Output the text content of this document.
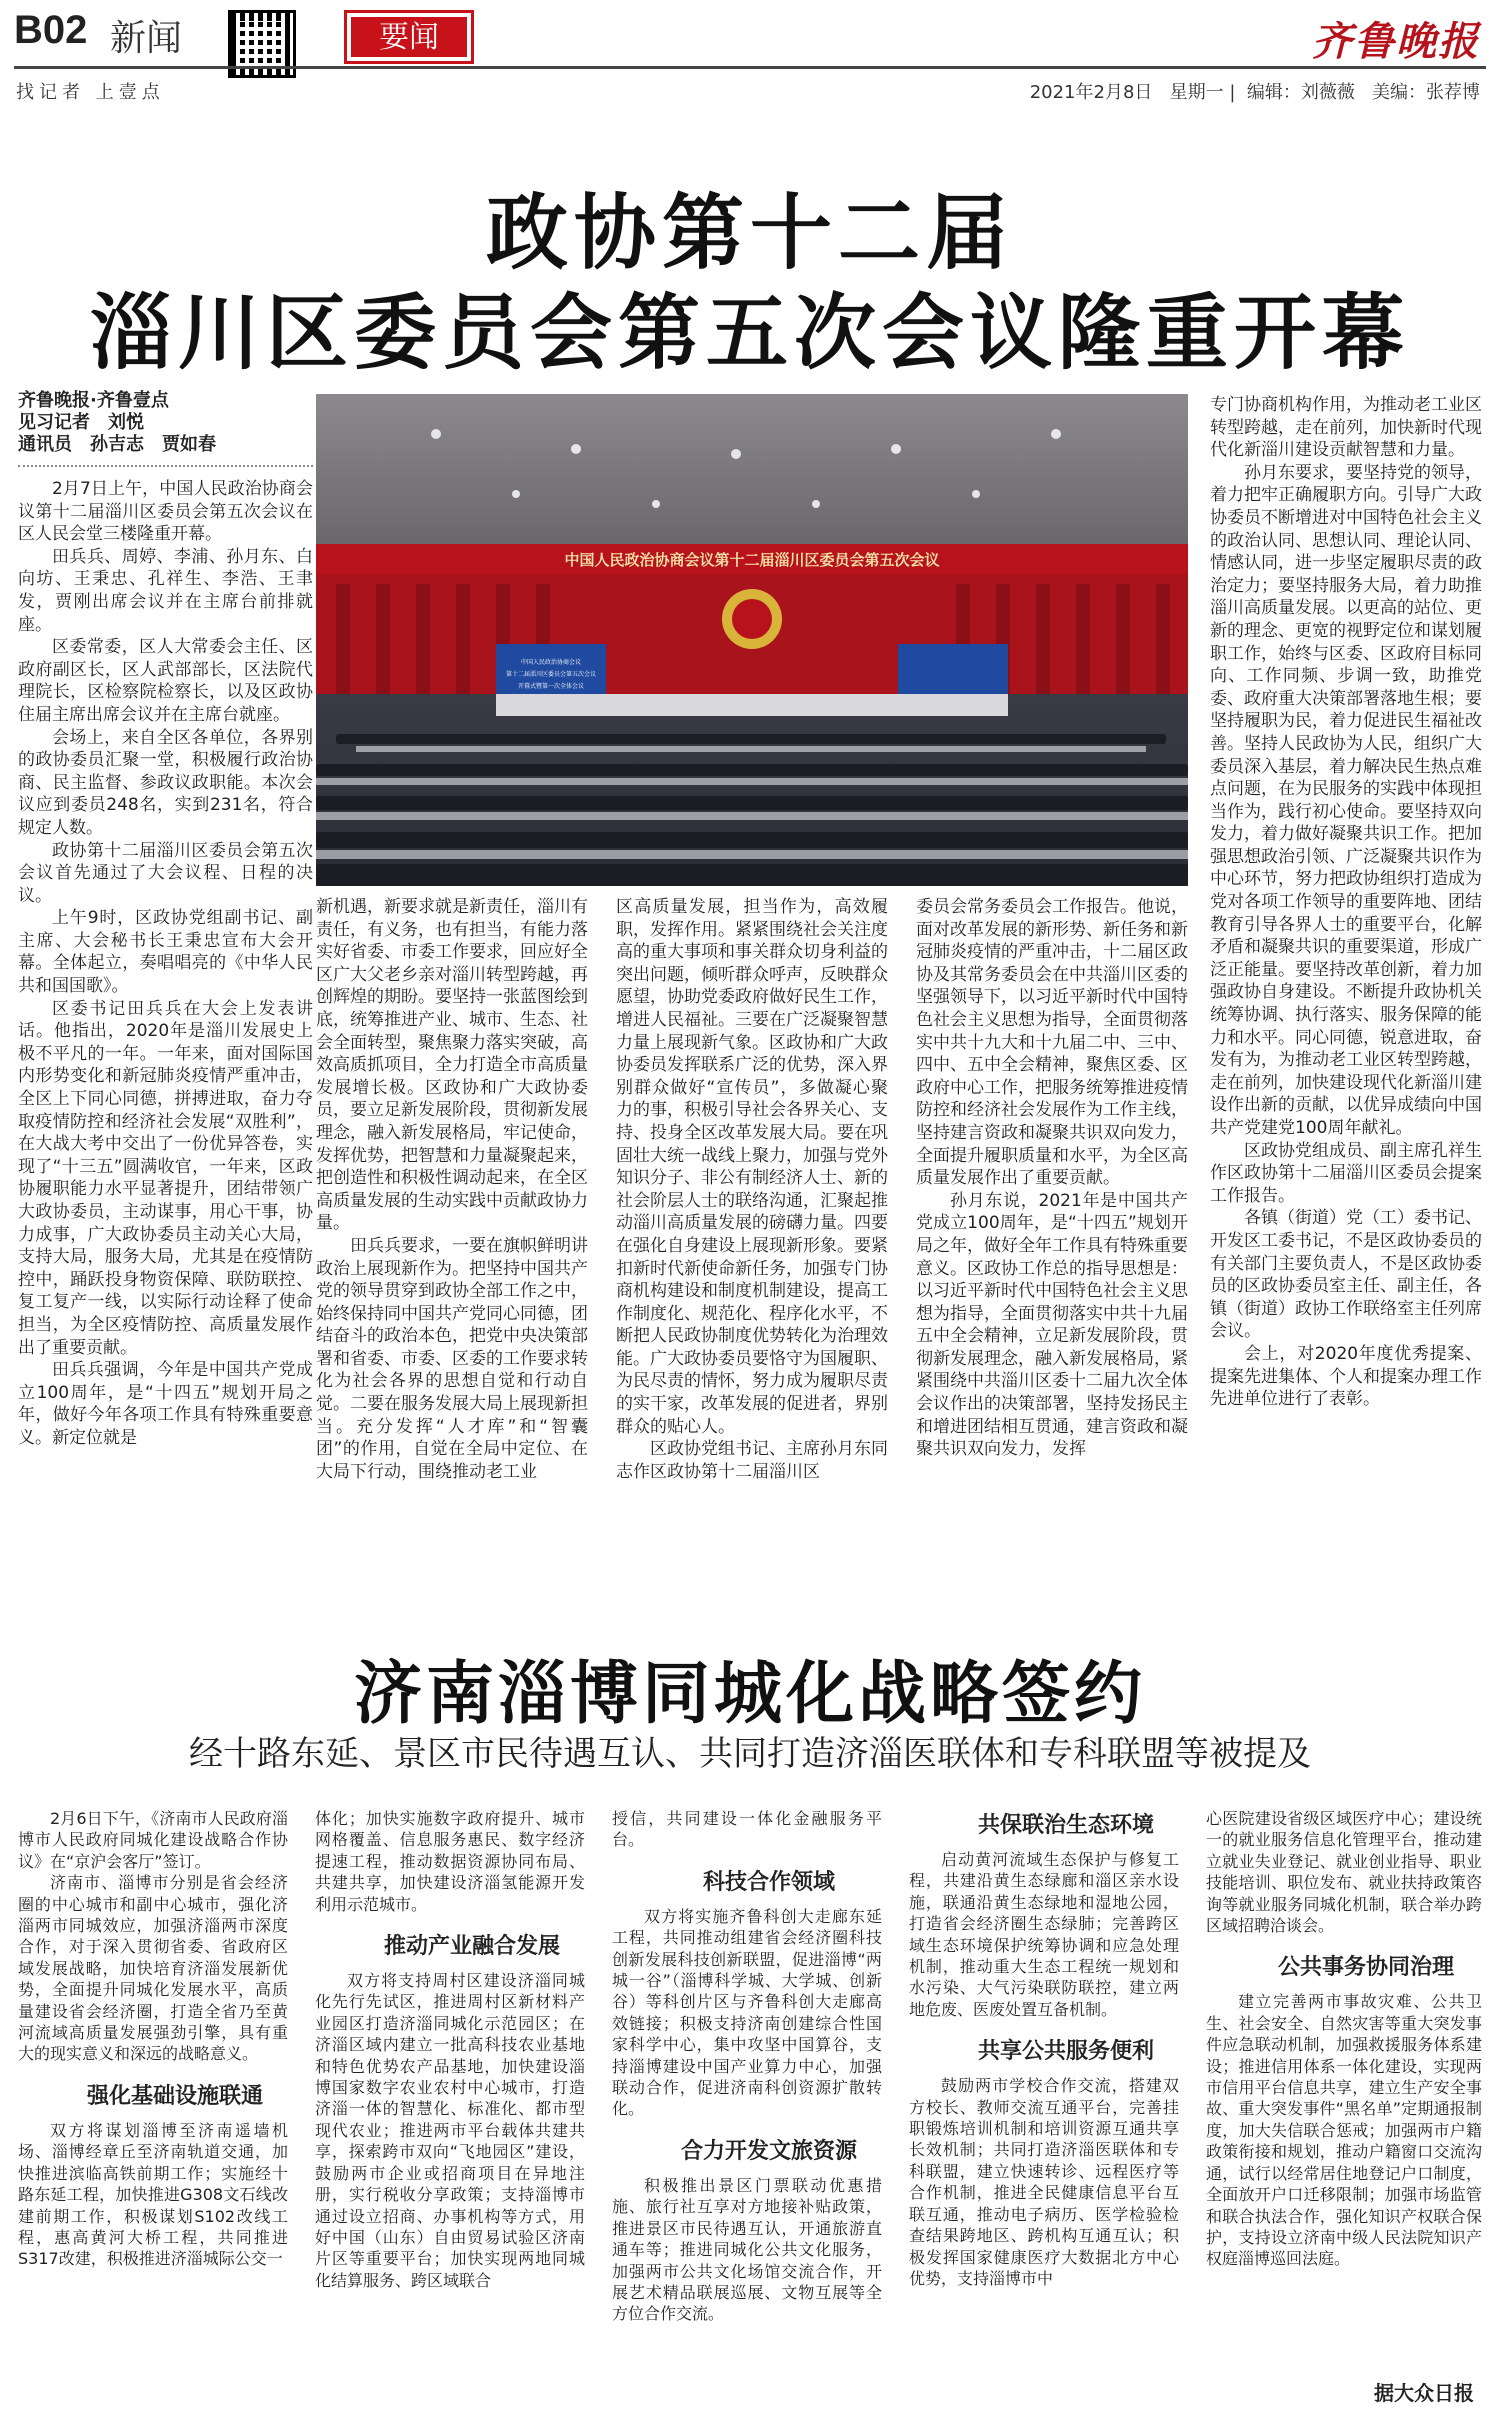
B02 新闻	要闻	齐鲁晚报
找记者 上壹点	2021年2月8日 星期一 |  编辑：刘薇薇 美编：张荐博
政协第十二届
淄川区委员会第五次会议隆重开幕
齐鲁晚报·齐鲁壹点
见习记者　刘悦
通讯员　孙吉志　贾如春
中国人民政治协商会议第十二届淄川区委员会第五次会议
中国人民政治协商会议
第十二届淄川区委员会第五次会议
开幕式暨第一次全体会议

2月7日上午，中国人民政治协商会议第十二届淄川区委员会第五次会议在区人民会堂三楼隆重开幕。

田兵兵、周婷、李浦、孙月东、白向坊、王秉忠、孔祥生、李浩、王聿发，贾刚出席会议并在主席台前排就座。

区委常委，区人大常委会主任、区政府副区长，区人武部部长，区法院代理院长，区检察院检察长，以及区政协住届主席出席会议并在主席台就座。

会场上，来自全区各单位，各界别的政协委员汇聚一堂，积极履行政治协商、民主监督、参政议政职能。本次会议应到委员248名，实到231名，符合规定人数。

政协第十二届淄川区委员会第五次会议首先通过了大会议程、日程的决议。

上午9时，区政协党组副书记、副主席、大会秘书长王秉忠宣布大会开幕。全体起立，奏唱唱亮的《中华人民共和国国歌》。

区委书记田兵兵在大会上发表讲话。他指出，2020年是淄川发展史上极不平凡的一年。一年来，面对国际国内形势变化和新冠肺炎疫情严重冲击，全区上下同心同德，拼搏进取，奋力夺取疫情防控和经济社会发展“双胜利”，在大战大考中交出了一份优异答卷，实现了“十三五”圆满收官，一年来，区政协履职能力水平显著提升，团结带领广大政协委员，主动谋事，用心干事，协力成事，广大政协委员主动关心大局，支持大局，服务大局，尤其是在疫情防控中，踊跃投身物资保障、联防联控、复工复产一线，以实际行动诠释了使命担当，为全区疫情防控、高质量发展作出了重要贡献。

田兵兵强调，今年是中国共产党成立100周年，是“十四五”规划开局之年，做好今年各项工作具有特殊重要意义。新定位就是

新机遇，新要求就是新责任，淄川有责任，有义务，也有担当，有能力落实好省委、市委工作要求，回应好全区广大父老乡亲对淄川转型跨越，再创辉煌的期盼。要坚持一张蓝图绘到底，统筹推进产业、城市、生态、社会全面转型，聚焦聚力落实突破，高效高质抓项目，全力打造全市高质量发展增长极。区政协和广大政协委员，要立足新发展阶段，贯彻新发展理念，融入新发展格局，牢记使命，发挥优势，把智慧和力量凝聚起来，把创造性和积极性调动起来，在全区高质量发展的生动实践中贡献政协力量。

田兵兵要求，一要在旗帜鲜明讲政治上展现新作为。把坚持中国共产党的领导贯穿到政协全部工作之中，始终保持同中国共产党同心同德，团结奋斗的政治本色，把党中央决策部署和省委、市委、区委的工作要求转化为社会各界的思想自觉和行动自觉。二要在服务发展大局上展现新担当。充分发挥“人才库”和“智囊团”的作用，自觉在全局中定位、在大局下行动，围绕推动老工业

区高质量发展，担当作为，高效履职，发挥作用。紧紧围绕社会关注度高的重大事项和事关群众切身利益的突出问题，倾听群众呼声，反映群众愿望，协助党委政府做好民生工作，增进人民福祉。三要在广泛凝聚智慧力量上展现新气象。区政协和广大政协委员发挥联系广泛的优势，深入界别群众做好“宣传员”，多做凝心聚力的事，积极引导社会各界关心、支持、投身全区改革发展大局。要在巩固壮大统一战线上聚力，加强与党外知识分子、非公有制经济人士、新的社会阶层人士的联络沟通，汇聚起推动淄川高质量发展的磅礴力量。四要在强化自身建设上展现新形象。要紧扣新时代新使命新任务，加强专门协商机构建设和制度机制建设，提高工作制度化、规范化、程序化水平，不断把人民政协制度优势转化为治理效能。广大政协委员要恪守为国履职、为民尽责的情怀，努力成为履职尽责的实干家，改革发展的促进者，界别群众的贴心人。

区政协党组书记、主席孙月东同志作区政协第十二届淄川区

委员会常务委员会工作报告。他说，面对改革发展的新形势、新任务和新冠肺炎疫情的严重冲击，十二届区政协及其常务委员会在中共淄川区委的坚强领导下，以习近平新时代中国特色社会主义思想为指导，全面贯彻落实中共十九大和十九届二中、三中、四中、五中全会精神，聚焦区委、区政府中心工作，把服务统筹推进疫情防控和经济社会发展作为工作主线，坚持建言资政和凝聚共识双向发力，全面提升履职质量和水平，为全区高质量发展作出了重要贡献。

孙月东说，2021年是中国共产党成立100周年，是“十四五”规划开局之年，做好全年工作具有特殊重要意义。区政协工作总的指导思想是：以习近平新时代中国特色社会主义思想为指导，全面贯彻落实中共十九届五中全会精神，立足新发展阶段，贯彻新发展理念，融入新发展格局，紧紧围绕中共淄川区委十二届九次全体会议作出的决策部署，坚持发扬民主和增进团结相互贯通，建言资政和凝聚共识双向发力，发挥

专门协商机构作用，为推动老工业区转型跨越，走在前列，加快新时代现代化新淄川建设贡献智慧和力量。

孙月东要求，要坚持党的领导，着力把牢正确履职方向。引导广大政协委员不断增进对中国特色社会主义的政治认同、思想认同、理论认同、情感认同，进一步坚定履职尽责的政治定力；要坚持服务大局，着力助推淄川高质量发展。以更高的站位、更新的理念、更宽的视野定位和谋划履职工作，始终与区委、区政府目标同向、工作同频、步调一致，助推党委、政府重大决策部署落地生根；要坚持履职为民，着力促进民生福祉改善。坚持人民政协为人民，组织广大委员深入基层，着力解决民生热点难点问题，在为民服务的实践中体现担当作为，践行初心使命。要坚持双向发力，着力做好凝聚共识工作。把加强思想政治引领、广泛凝聚共识作为中心环节，努力把政协组织打造成为党对各项工作领导的重要阵地、团结教育引导各界人士的重要平台，化解矛盾和凝聚共识的重要渠道，形成广泛正能量。要坚持改革创新，着力加强政协自身建设。不断提升政协机关统筹协调、执行落实、服务保障的能力和水平。同心同德，锐意进取，奋发有为，为推动老工业区转型跨越，走在前列，加快建设现代化新淄川建设作出新的贡献，以优异成绩向中国共产党建党100周年献礼。

区政协党组成员、副主席孔祥生作区政协第十二届淄川区委员会提案工作报告。

各镇（街道）党（工）委书记、开发区工委书记，不是区政协委员的有关部门主要负责人，不是区政协委员的区政协委员室主任、副主任，各镇（街道）政协工作联络室主任列席会议。

会上，对2020年度优秀提案、提案先进集体、个人和提案办理工作先进单位进行了表彰。

济南淄博同城化战略签约
经十路东延、景区市民待遇互认、共同打造济淄医联体和专科联盟等被提及

2月6日下午，《济南市人民政府淄博市人民政府同城化建设战略合作协议》在“京沪会客厅”签订。

济南市、淄博市分别是省会经济圈的中心城市和副中心城市，强化济淄两市同城效应，加强济淄两市深度合作，对于深入贯彻省委、省政府区域发展战略，加快培育济淄发展新优势，全面提升同城化发展水平，高质量建设省会经济圈，打造全省乃至黄河流域高质量发展强劲引擎，具有重大的现实意义和深远的战略意义。

强化基础设施联通

双方将谋划淄博至济南遥墙机场、淄博经章丘至济南轨道交通，加快推进滨临高铁前期工作；实施经十路东延工程，加快推进G308文石线改建前期工作，积极谋划S102改线工程，惠高黄河大桥工程，共同推进S317改建，积极推进济淄城际公交一

体化；加快实施数字政府提升、城市网格覆盖、信息服务惠民、数字经济提速工程，推动数据资源协同布局、共建共享，加快建设济淄氢能源开发利用示范城市。

推动产业融合发展

双方将支持周村区建设济淄同城化先行先试区，推进周村区新材料产业园区打造济淄同城化示范园区；在济淄区域内建立一批高科技农业基地和特色优势农产品基地，加快建设淄博国家数字农业农村中心城市，打造济淄一体的智慧化、标准化、都市型现代农业；推进两市平台载体共建共享，探索跨市双向“飞地园区”建设，鼓励两市企业或招商项目在异地注册，实行税收分享政策；支持淄博市通过设立招商、办事机构等方式，用好中国（山东）自由贸易试验区济南片区等重要平台；加快实现两地同城化结算服务、跨区域联合

授信，共同建设一体化金融服务平台。

科技合作领域

双方将实施齐鲁科创大走廊东延工程，共同推动组建省会经济圈科技创新发展科技创新联盟，促进淄博“两城一谷”（淄博科学城、大学城、创新谷）等科创片区与齐鲁科创大走廊高效链接；积极支持济南创建综合性国家科学中心，集中攻坚中国算谷，支持淄博建设中国产业算力中心，加强联动合作，促进济南科创资源扩散转化。

合力开发文旅资源

积极推出景区门票联动优惠措施、旅行社互享对方地接补贴政策，推进景区市民待遇互认，开通旅游直通车等；推进同城化公共文化服务，加强两市公共文化场馆交流合作，开展艺术精品联展巡展、文物互展等全方位合作交流。

共保联治生态环境

启动黄河流域生态保护与修复工程，共建沿黄生态绿廊和淄区亲水设施，联通沿黄生态绿地和湿地公园，打造省会经济圈生态绿肺；完善跨区域生态环境保护统筹协调和应急处理机制，推动重大生态工程统一规划和水污染、大气污染联防联控，建立两地危废、医废处置互备机制。

共享公共服务便利

鼓励两市学校合作交流，搭建双方校长、教师交流互通平台，完善挂职锻炼培训机制和培训资源互通共享长效机制；共同打造济淄医联体和专科联盟，建立快速转诊、远程医疗等合作机制，推进全民健康信息平台互联互通，推动电子病历、医学检验检查结果跨地区、跨机构互通互认；积极发挥国家健康医疗大数据北方中心优势，支持淄博市中

心医院建设省级区域医疗中心；建设统一的就业服务信息化管理平台，推动建立就业失业登记、就业创业指导、职业技能培训、职位发布、就业扶持政策咨询等就业服务同城化机制，联合举办跨区域招聘洽谈会。

公共事务协同治理

建立完善两市事故灾难、公共卫生、社会安全、自然灾害等重大突发事件应急联动机制，加强救援服务体系建设；推进信用体系一体化建设，实现两市信用平台信息共享，建立生产安全事故、重大突发事件“黑名单”定期通报制度，加大失信联合惩戒；加强两市户籍政策衔接和规划，推动户籍窗口交流沟通，试行以经常居住地登记户口制度，全面放开户口迁移限制；加强市场监管和联合执法合作，强化知识产权联合保护，支持设立济南中级人民法院知识产权庭淄博巡回法庭。

据大众日报
